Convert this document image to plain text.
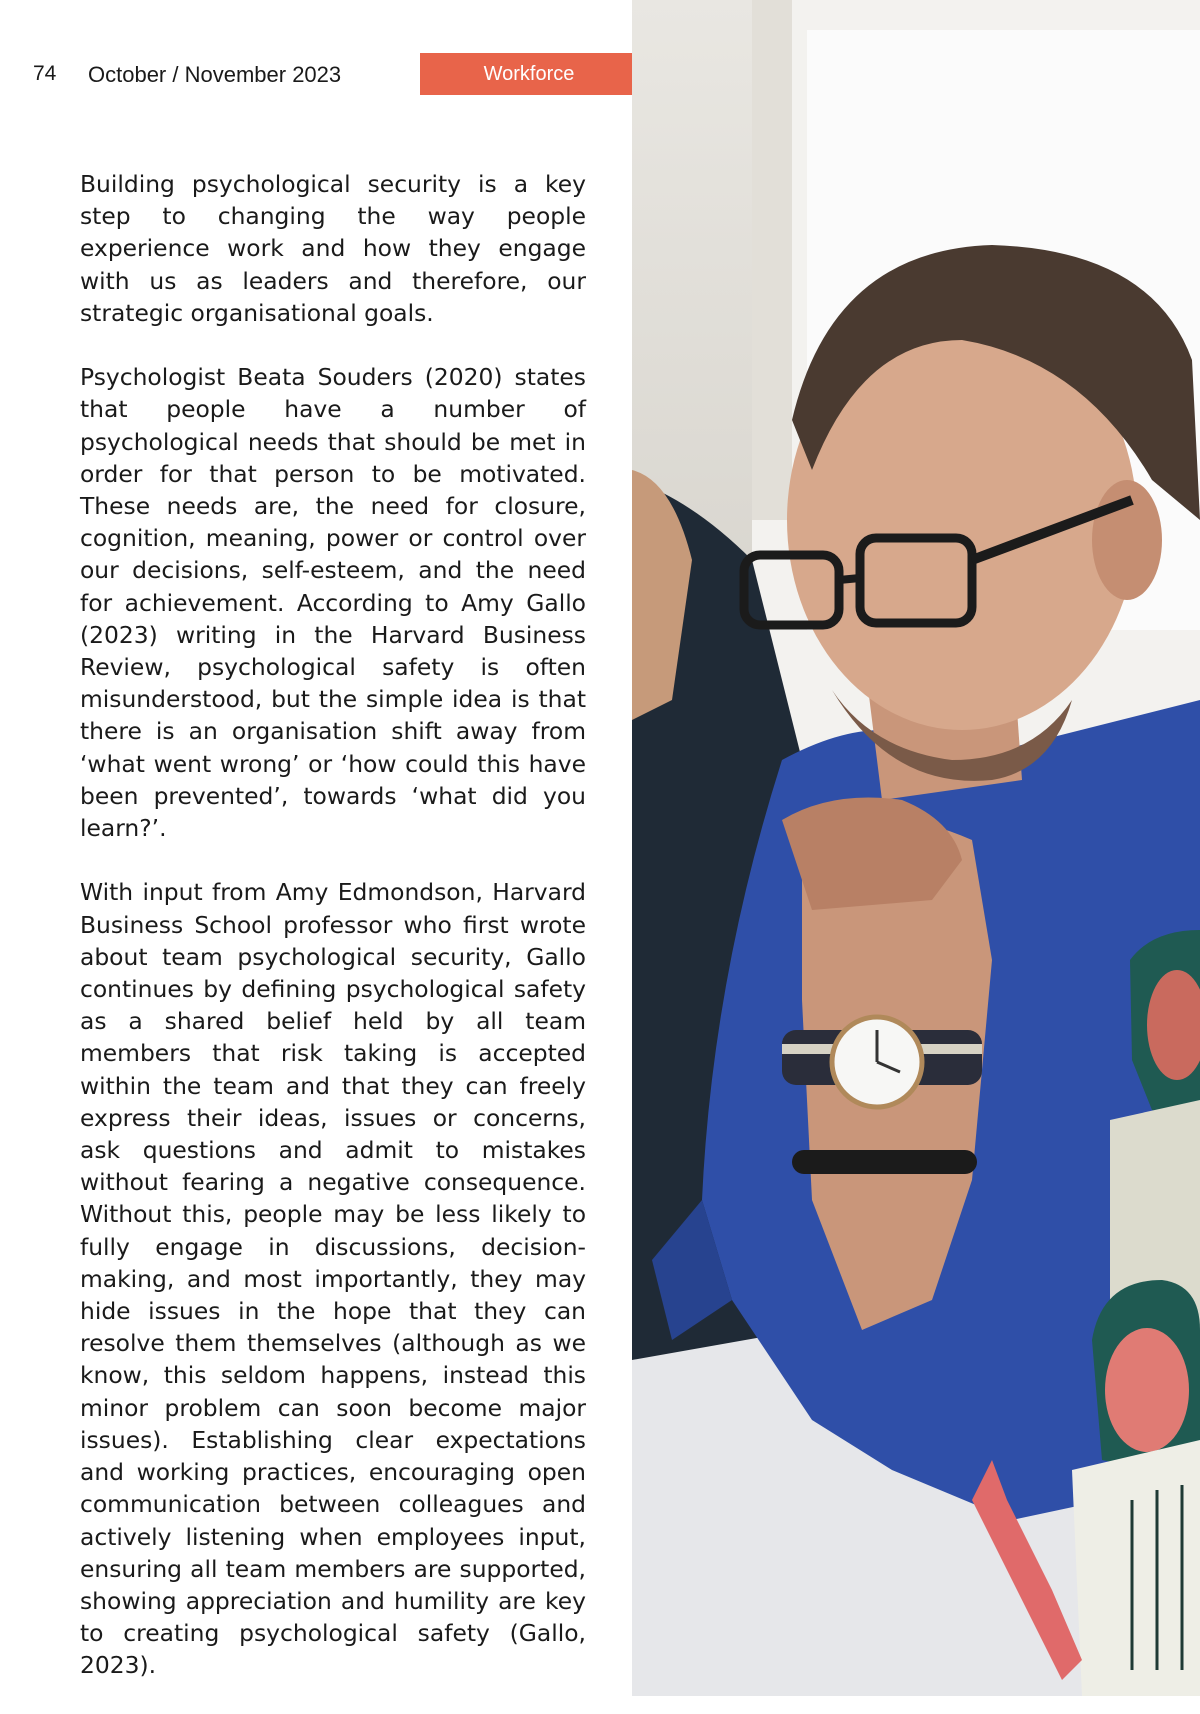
74 October / November 2023	Workforce

Building psychological security is a key step to changing the way people experience work and how they engage with us as leaders and therefore, our strategic organisational goals.

Psychologist Beata Souders (2020) states that people have a number of psychological needs that should be met in order for that person to be motivated. These needs are, the need for closure, cognition, meaning, power or control over our decisions, self-esteem, and the need for achievement. According to Amy Gallo (2023) writing in the Harvard Business Review, psychological safety is often misunderstood, but the simple idea is that there is an organisation shift away from ‘what went wrong’ or ‘how could this have been prevented’, towards ‘what did you learn?’.

With input from Amy Edmondson, Harvard Business School professor who first wrote about team psychological security, Gallo continues by defining psychological safety as a shared belief held by all team members that risk taking is accepted within the team and that they can freely express their ideas, issues or concerns, ask questions and admit to mistakes without fearing a negative consequence. Without this, people may be less likely to fully engage in discussions, decision-making, and most importantly, they may hide issues in the hope that they can resolve them themselves (although as we know, this seldom happens, instead this minor problem can soon become major issues). Establishing clear expectations and working practices, encouraging open communication between colleagues and actively listening when employees input, ensuring all team members are supported, showing appreciation and humility are key to creating psychological safety (Gallo, 2023).
